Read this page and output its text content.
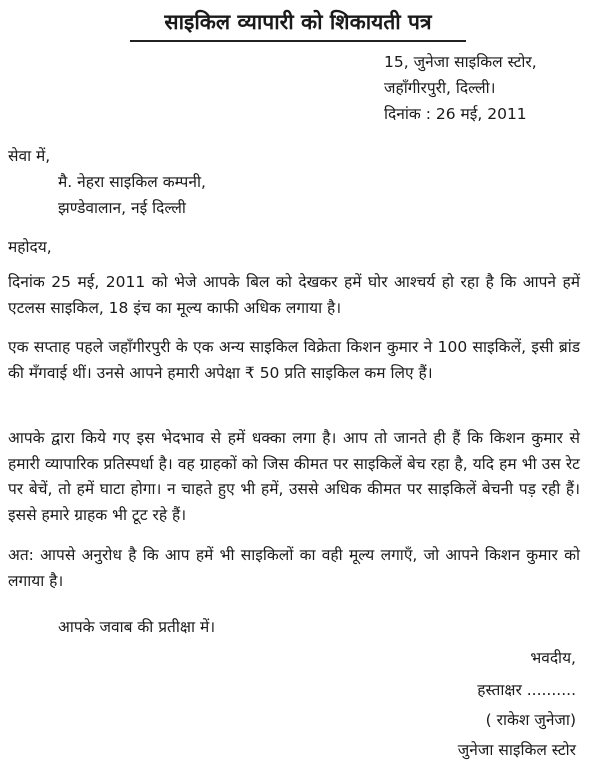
साइकिल व्यापारी को शिकायती पत्र
15, जुनेजा साइकिल स्टोर,
जहाँगीरपुरी, दिल्ली।
दिनांक : 26 मई, 2011
सेवा में,
मै. नेहरा साइकिल कम्पनी,
झण्डेवालान, नई दिल्ली
महोदय,
दिनांक 25 मई, 2011 को भेजे आपके बिल को देखकर हमें घोर आश्चर्य हो रहा है कि आपने हमें एटलस साइकिल, 18 इंच का मूल्य काफी अधिक लगाया है।
एक सप्ताह पहले जहाँगीरपुरी के एक अन्य साइकिल विक्रेता किशन कुमार ने 100 साइकिलें, इसी ब्रांड की मँगवाई थीं। उनसे आपने हमारी अपेक्षा ₹ 50 प्रति साइकिल कम लिए हैं।
आपके द्वारा किये गए इस भेदभाव से हमें धक्का लगा है। आप तो जानते ही हैं कि किशन कुमार से हमारी व्यापारिक प्रतिस्पर्धा है। वह ग्राहकों को जिस कीमत पर साइकिलें बेच रहा है, यदि हम भी उस रेट पर बेचें, तो हमें घाटा होगा। न चाहते हुए भी हमें, उससे अधिक कीमत पर साइकिलें बेचनी पड़ रही हैं। इससे हमारे ग्राहक भी टूट रहे हैं।
अत: आपसे अनुरोध है कि आप हमें भी साइकिलों का वही मूल्य लगाएँ, जो आपने किशन कुमार को लगाया है।
आपके जवाब की प्रतीक्षा में।
भवदीय,
हस्ताक्षर ..........
( राकेश जुनेजा)
जुनेजा साइकिल स्टोर
